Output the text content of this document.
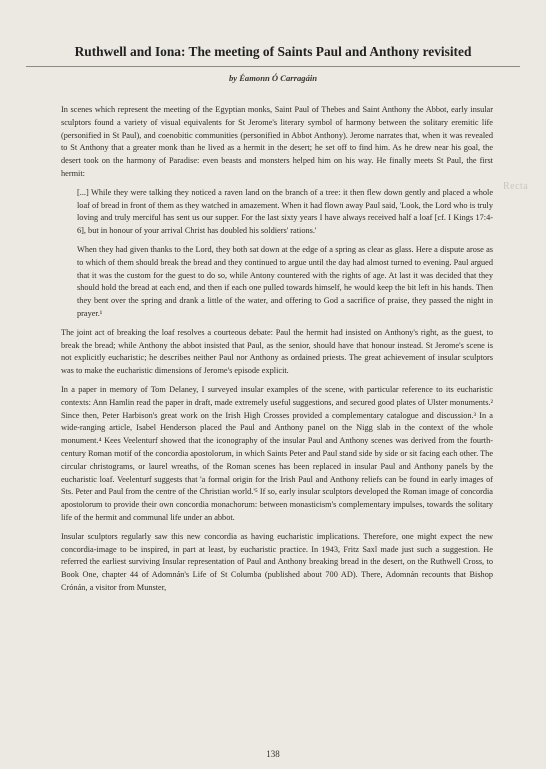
Ruthwell and Iona: The meeting of Saints Paul and Anthony revisited
by Éamonn Ó Carragáin
Recta

In scenes which represent the meeting of the Egyptian monks, Saint Paul of Thebes and Saint Anthony the Abbot, early insular sculptors found a variety of visual equivalents for St Jerome's literary symbol of harmony between the solitary eremitic life (personified in St Paul), and coenobitic communities (personified in Abbot Anthony). Jerome narrates that, when it was revealed to St Anthony that a greater monk than he lived as a hermit in the desert; he set off to find him. As he drew near his goal, the desert took on the harmony of Paradise: even beasts and monsters helped him on his way. He finally meets St Paul, the first hermit:

[...] While they were talking they noticed a raven land on the branch of a tree: it then flew down gently and placed a whole loaf of bread in front of them as they watched in amazement. When it had flown away Paul said, 'Look, the Lord who is truly loving and truly merciful has sent us our supper. For the last sixty years I have always received half a loaf [cf. I Kings 17:4-6], but in honour of your arrival Christ has doubled his soldiers' rations.'

When they had given thanks to the Lord, they both sat down at the edge of a spring as clear as glass. Here a dispute arose as to which of them should break the bread and they continued to argue until the day had almost turned to evening. Paul argued that it was the custom for the guest to do so, while Antony countered with the rights of age. At last it was decided that they should hold the bread at each end, and then if each one pulled towards himself, he would keep the bit left in his hands. Then they bent over the spring and drank a little of the water, and offering to God a sacrifice of praise, they passed the night in prayer.¹

The joint act of breaking the loaf resolves a courteous debate: Paul the hermit had insisted on Anthony's right, as the guest, to break the bread; while Anthony the abbot insisted that Paul, as the senior, should have that honour instead. St Jerome's scene is not explicitly eucharistic; he describes neither Paul nor Anthony as ordained priests. The great achievement of insular sculptors was to make the eucharistic dimensions of Jerome's episode explicit.

In a paper in memory of Tom Delaney, I surveyed insular examples of the scene, with particular reference to its eucharistic contexts: Ann Hamlin read the paper in draft, made extremely useful suggestions, and secured good plates of Ulster monuments.² Since then, Peter Harbison's great work on the Irish High Crosses provided a complementary catalogue and discussion.³ In a wide-ranging article, Isabel Henderson placed the Paul and Anthony panel on the Nigg slab in the context of the whole monument.⁴ Kees Veelenturf showed that the iconography of the insular Paul and Anthony scenes was derived from the fourth-century Roman motif of the concordia apostolorum, in which Saints Peter and Paul stand side by side or sit facing each other. The circular christograms, or laurel wreaths, of the Roman scenes has been replaced in insular Paul and Anthony panels by the eucharistic loaf. Veelenturf suggests that 'a formal origin for the Irish Paul and Anthony reliefs can be found in early images of Sts. Peter and Paul from the centre of the Christian world.'⁵ If so, early insular sculptors developed the Roman image of concordia apostolorum to provide their own concordia monachorum: between monasticism's complementary impulses, towards the solitary life of the hermit and communal life under an abbot.

Insular sculptors regularly saw this new concordia as having eucharistic implications. Therefore, one might expect the new concordia-image to be inspired, in part at least, by eucharistic practice. In 1943, Fritz Saxl made just such a suggestion. He referred the earliest surviving Insular representation of Paul and Anthony breaking bread in the desert, on the Ruthwell Cross, to Book One, chapter 44 of Adomnán's Life of St Columba (published about 700 AD). There, Adomnán recounts that Bishop Crónán, a visitor from Munster,

138
